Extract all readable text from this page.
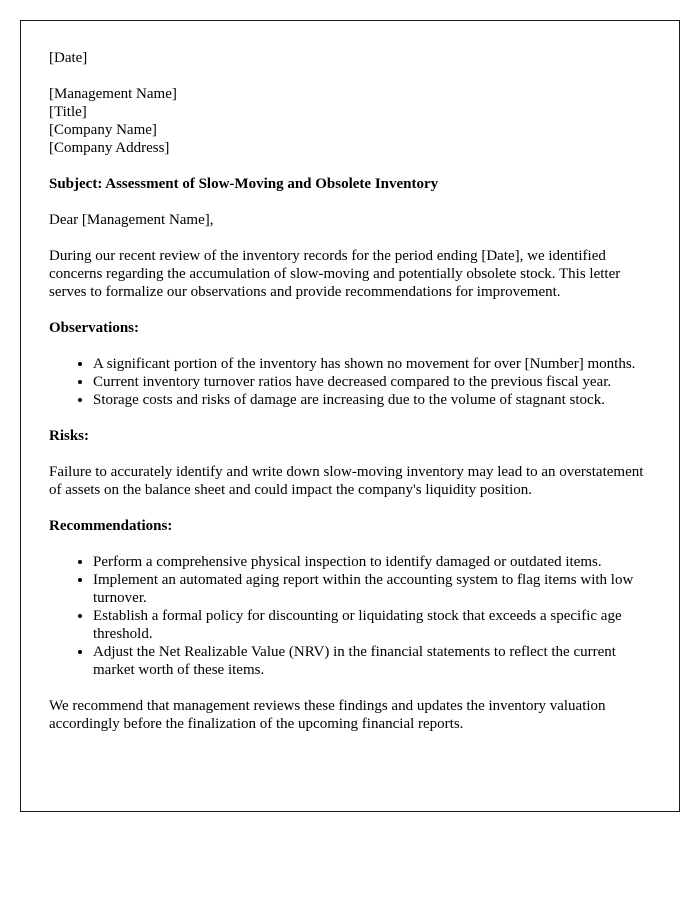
[Date]

[Management Name]
[Title]
[Company Name]
[Company Address]

Subject: Assessment of Slow-Moving and Obsolete Inventory

Dear [Management Name],

During our recent review of the inventory records for the period ending [Date], we identified concerns regarding the accumulation of slow-moving and potentially obsolete stock. This letter serves to formalize our observations and provide recommendations for improvement.

Observations:

• A significant portion of the inventory has shown no movement for over [Number] months.
• Current inventory turnover ratios have decreased compared to the previous fiscal year.
• Storage costs and risks of damage are increasing due to the volume of stagnant stock.

Risks:

Failure to accurately identify and write down slow-moving inventory may lead to an overstatement of assets on the balance sheet and could impact the company's liquidity position.

Recommendations:

• Perform a comprehensive physical inspection to identify damaged or outdated items.
• Implement an automated aging report within the accounting system to flag items with low turnover.
• Establish a formal policy for discounting or liquidating stock that exceeds a specific age threshold.
• Adjust the Net Realizable Value (NRV) in the financial statements to reflect the current market worth of these items.

We recommend that management reviews these findings and updates the inventory valuation accordingly before the finalization of the upcoming financial reports.
